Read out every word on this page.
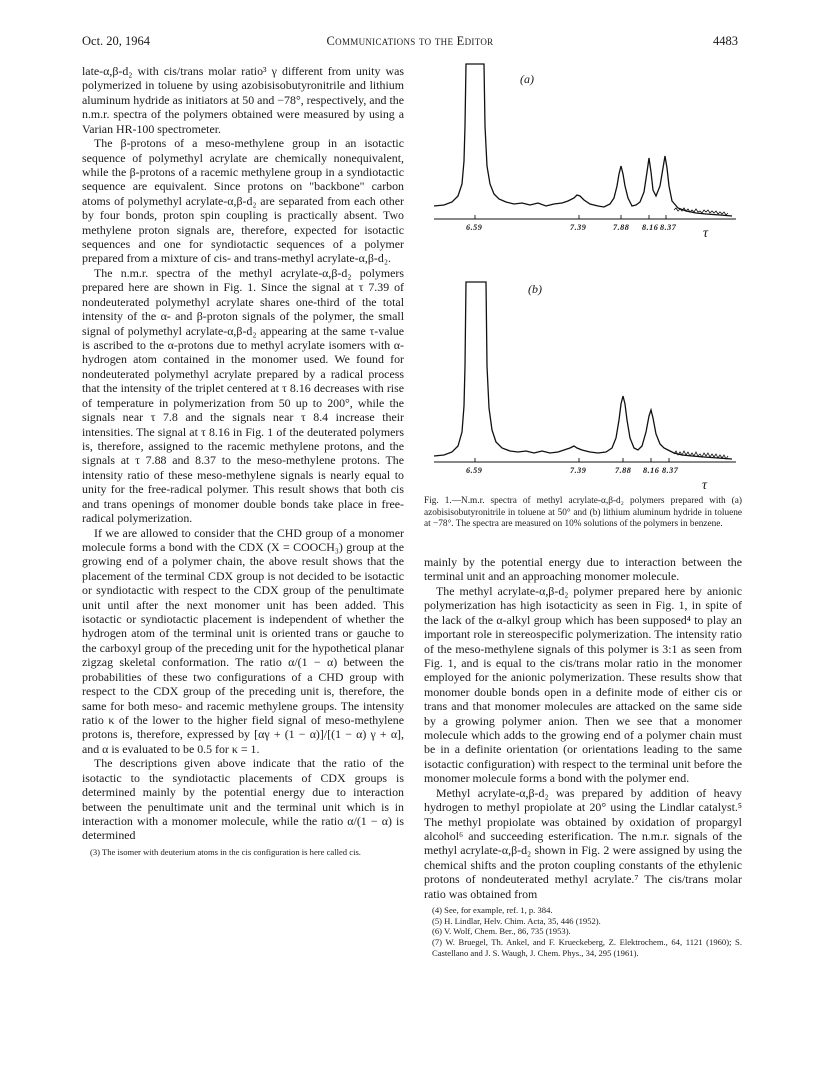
Oct. 20, 1964	Communications to the Editor	4483

late-α,β-d₂ with cis/trans molar ratio³ γ different from unity was polymerized in toluene by using azobisisobutyronitrile and lithium aluminum hydride as initiators at 50 and −78°, respectively, and the n.m.r. spectra of the polymers obtained were measured by using a Varian HR-100 spectrometer.

The β-protons of a meso-methylene group in an isotactic sequence of polymethyl acrylate are chemically nonequivalent, while the β-protons of a racemic methylene group in a syndiotactic sequence are equivalent. Since protons on "backbone" carbon atoms of polymethyl acrylate-α,β-d₂ are separated from each other by four bonds, proton spin coupling is practically absent. Two methylene proton signals are, therefore, expected for isotactic sequences and one for syndiotactic sequences of a polymer prepared from a mixture of cis- and trans-methyl acrylate-α,β-d₂.

The n.m.r. spectra of the methyl acrylate-α,β-d₂ polymers prepared here are shown in Fig. 1. Since the signal at τ 7.39 of nondeuterated polymethyl acrylate shares one-third of the total intensity of the α- and β-proton signals of the polymer, the small signal of polymethyl acrylate-α,β-d₂ appearing at the same τ-value is ascribed to the α-protons due to methyl acrylate isomers with α-hydrogen atom contained in the monomer used. We found for nondeuterated polymethyl acrylate prepared by a radical process that the intensity of the triplet centered at τ 8.16 decreases with rise of temperature in polymerization from 50 up to 200°, while the signals near τ 7.8 and the signals near τ 8.4 increase their intensities. The signal at τ 8.16 in Fig. 1 of the deuterated polymers is, therefore, assigned to the racemic methylene protons, and the signals at τ 7.88 and 8.37 to the meso-methylene protons. The intensity ratio of these meso-methylene signals is nearly equal to unity for the free-radical polymer. This result shows that both cis and trans openings of monomer double bonds take place in free-radical polymerization.

If we are allowed to consider that the CHD group of a monomer molecule forms a bond with the CDX (X = COOCH₃) group at the growing end of a polymer chain, the above result shows that the placement of the terminal CDX group is not decided to be isotactic or syndiotactic with respect to the CDX group of the penultimate unit until after the next monomer unit has been added. This isotactic or syndiotactic placement is independent of whether the hydrogen atom of the terminal unit is oriented trans or gauche to the carboxyl group of the preceding unit for the hypothetical planar zigzag skeletal conformation. The ratio α/(1 − α) between the probabilities of these two configurations of a CHD group with respect to the CDX group of the preceding unit is, therefore, the same for both meso- and racemic methylene groups. The intensity ratio κ of the lower to the higher field signal of meso-methylene protons is, therefore, expressed by [αγ + (1 − α)]/[(1 − α) γ + α], and α is evaluated to be 0.5 for κ = 1.

The descriptions given above indicate that the ratio of the isotactic to the syndiotactic placements of CDX groups is determined mainly by the potential energy due to interaction between the penultimate unit and the terminal unit which is in interaction with a monomer molecule, while the ratio α/(1 − α) is determined

(3) The isomer with deuterium atoms in the cis configuration is here called cis.

(a)
6.59	7.39	7.88 8.16 8.37 τ
(b)
6.59	7.39	7.88 8.16 8.37
τ
Fig. 1.—N.m.r. spectra of methyl acrylate-α,β-d₂ polymers prepared with (a) azobisisobutyronitrile in toluene at 50° and (b) lithium aluminum hydride in toluene at −78°. The spectra are measured on 10% solutions of the polymers in benzene.

mainly by the potential energy due to interaction between the terminal unit and an approaching monomer molecule.

The methyl acrylate-α,β-d₂ polymer prepared here by anionic polymerization has high isotacticity as seen in Fig. 1, in spite of the lack of the α-alkyl group which has been supposed⁴ to play an important role in stereospecific polymerization. The intensity ratio of the meso-methylene signals of this polymer is 3:1 as seen from Fig. 1, and is equal to the cis/trans molar ratio in the monomer employed for the anionic polymerization. These results show that monomer double bonds open in a definite mode of either cis or trans and that monomer molecules are attacked on the same side by a growing polymer anion. Then we see that a monomer molecule which adds to the growing end of a polymer chain must be in a definite orientation (or orientations leading to the same isotactic configuration) with respect to the terminal unit before the monomer molecule forms a bond with the polymer end.

Methyl acrylate-α,β-d₂ was prepared by addition of heavy hydrogen to methyl propiolate at 20° using the Lindlar catalyst.⁵ The methyl propiolate was obtained by oxidation of propargyl alcohol⁶ and succeeding esterification. The n.m.r. signals of the methyl acrylate-α,β-d₂ shown in Fig. 2 were assigned by using the chemical shifts and the proton coupling constants of the ethylenic protons of nondeuterated methyl acrylate.⁷ The cis/trans molar ratio was obtained from

(4) See, for example, ref. 1, p. 384.

(5) H. Lindlar, Helv. Chim. Acta, 35, 446 (1952).

(6) V. Wolf, Chem. Ber., 86, 735 (1953).

(7) W. Bruegel, Th. Ankel, and F. Krueckeberg, Z. Elektrochem., 64, 1121 (1960); S. Castellano and J. S. Waugh, J. Chem. Phys., 34, 295 (1961).
